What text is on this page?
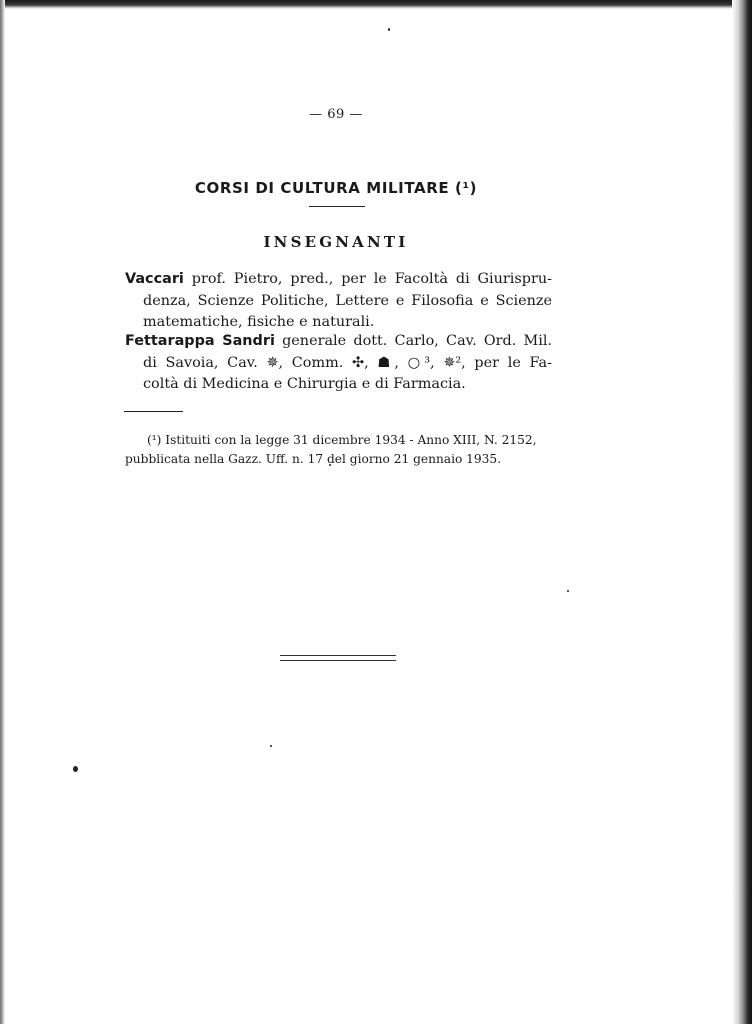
— 69 —
CORSI DI CULTURA MILITARE (¹)
INSEGNANTI
Vaccari prof. Pietro, pred., per le Facoltà di Giurispru-
denza, Scienze Politiche, Lettere e Filosofia e Scienze
matematiche, fisiche e naturali.
Fettarappa Sandri generale dott. Carlo, Cav. Ord. Mil.
di Savoia, Cav. ✵, Comm. ✣, ☗, ○³, ✵², per le Fa-
coltà di Medicina e Chirurgia e di Farmacia.
(¹) Istituiti con la legge 31 dicembre 1934 - Anno XIII, N. 2152,
pubblicata nella Gazz. Uff. n. 17 del giorno 21 gennaio 1935.
